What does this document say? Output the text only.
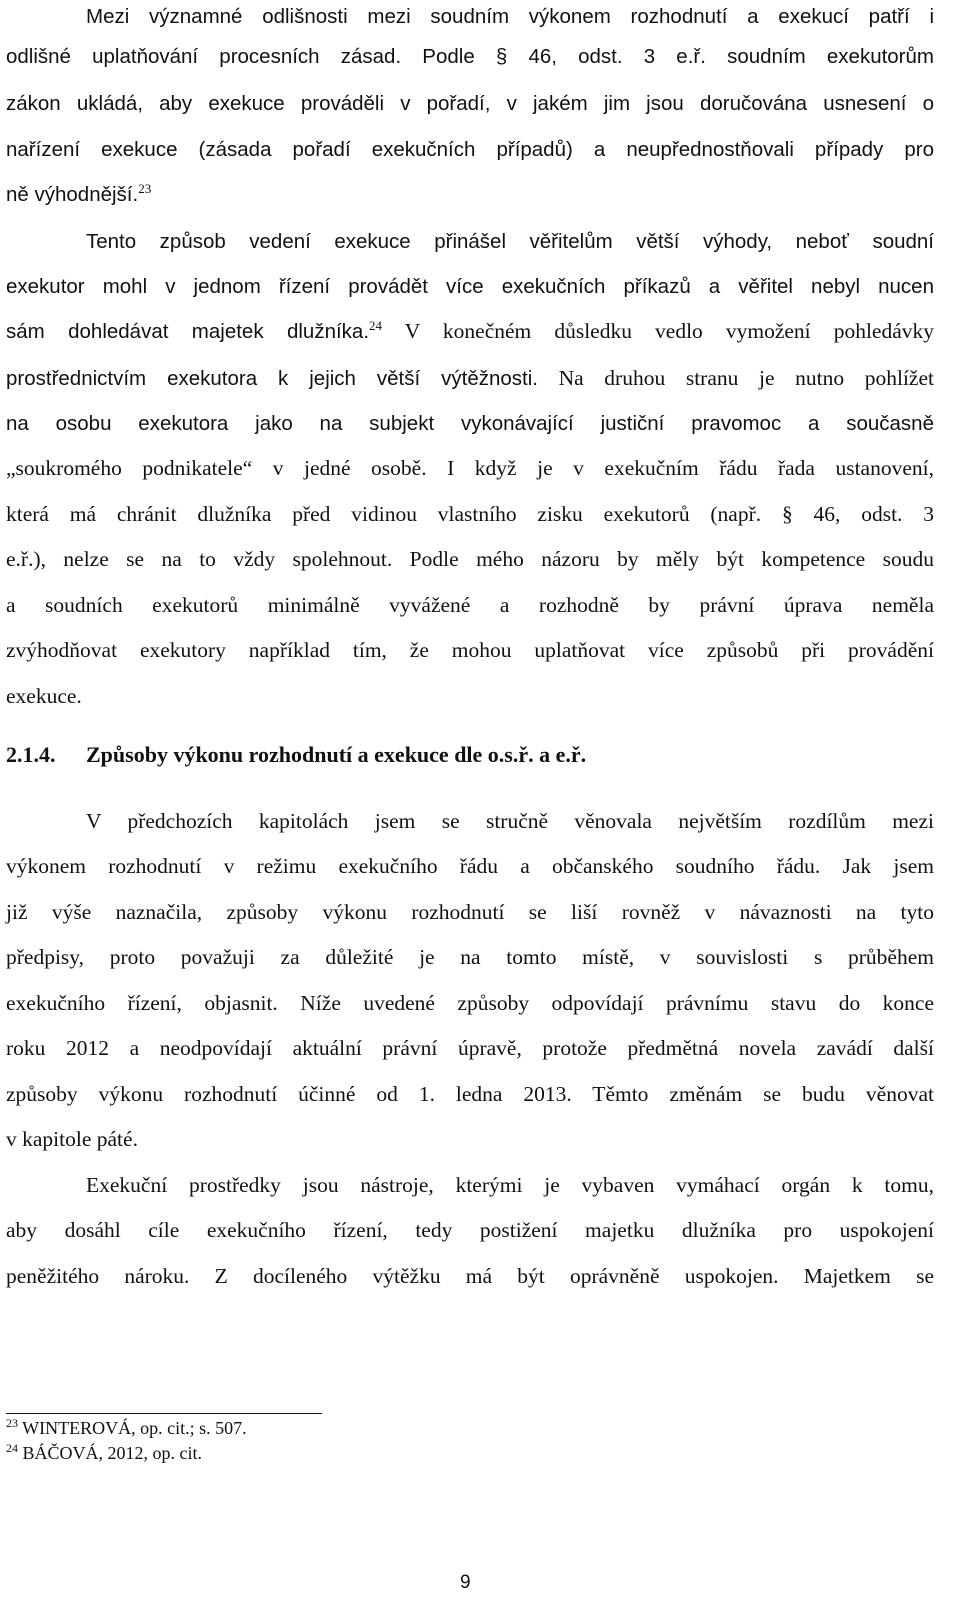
Mezi významné odlišnosti mezi soudním výkonem rozhodnutí a exekucí patří i
odlišné uplatňování procesních zásad. Podle § 46, odst. 3 e.ř. soudním exekutorům
zákon ukládá, aby exekuce prováděli v pořadí, v jakém jim jsou doručována usnesení o
nařízení exekuce (zásada pořadí exekučních případů) a neupřednostňovali případy pro
ně výhodnější.$^{23}$
Tento způsob vedení exekuce přinášel věřitelům větší výhody, neboť soudní
exekutor mohl v jednom řízení provádět více exekučních příkazů a věřitel nebyl nucen
sám dohledávat majetek dlužníka.$^{24}$ V konečném důsledku vedlo vymožení pohledávky
prostřednictvím exekutora k jejich větší výtěžnosti. Na druhou stranu je nutno pohlížet
na osobu exekutora jako na subjekt vykonávající justiční pravomoc a současně
„soukromého podnikatele“ v jedné osobě. I když je v exekučním řádu řada ustanovení,
která má chránit dlužníka před vidinou vlastního zisku exekutorů (např. § 46, odst. 3
e.ř.), nelze se na to vždy spolehnout. Podle mého názoru by měly být kompetence soudu
a soudních exekutorů minimálně vyvážené a rozhodně by právní úprava neměla
zvýhodňovat exekutory například tím, že mohou uplatňovat více způsobů při provádění
exekuce.
2.1.4. Způsoby výkonu rozhodnutí a exekuce dle o.s.ř. a e.ř.
V předchozích kapitolách jsem se stručně věnovala největším rozdílům mezi
výkonem rozhodnutí v režimu exekučního řádu a občanského soudního řádu. Jak jsem
již výše naznačila, způsoby výkonu rozhodnutí se liší rovněž v návaznosti na tyto
předpisy, proto považuji za důležité je na tomto místě, v souvislosti s průběhem
exekučního řízení, objasnit. Níže uvedené způsoby odpovídají právnímu stavu do konce
roku 2012 a neodpovídají aktuální právní úpravě, protože předmětná novela zavádí další
způsoby výkonu rozhodnutí účinné od 1. ledna 2013. Těmto změnám se budu věnovat
v kapitole páté.
Exekuční prostředky jsou nástroje, kterými je vybaven vymáhací orgán k tomu,
aby dosáhl cíle exekučního řízení, tedy postižení majetku dlužníka pro uspokojení
peněžitého nároku. Z docíleného výtěžku má být oprávněně uspokojen. Majetkem se
$^{23}$ WINTEROVÁ, op. cit.; s. 507.
$^{24}$ BÁČOVÁ, 2012, op. cit.
9
